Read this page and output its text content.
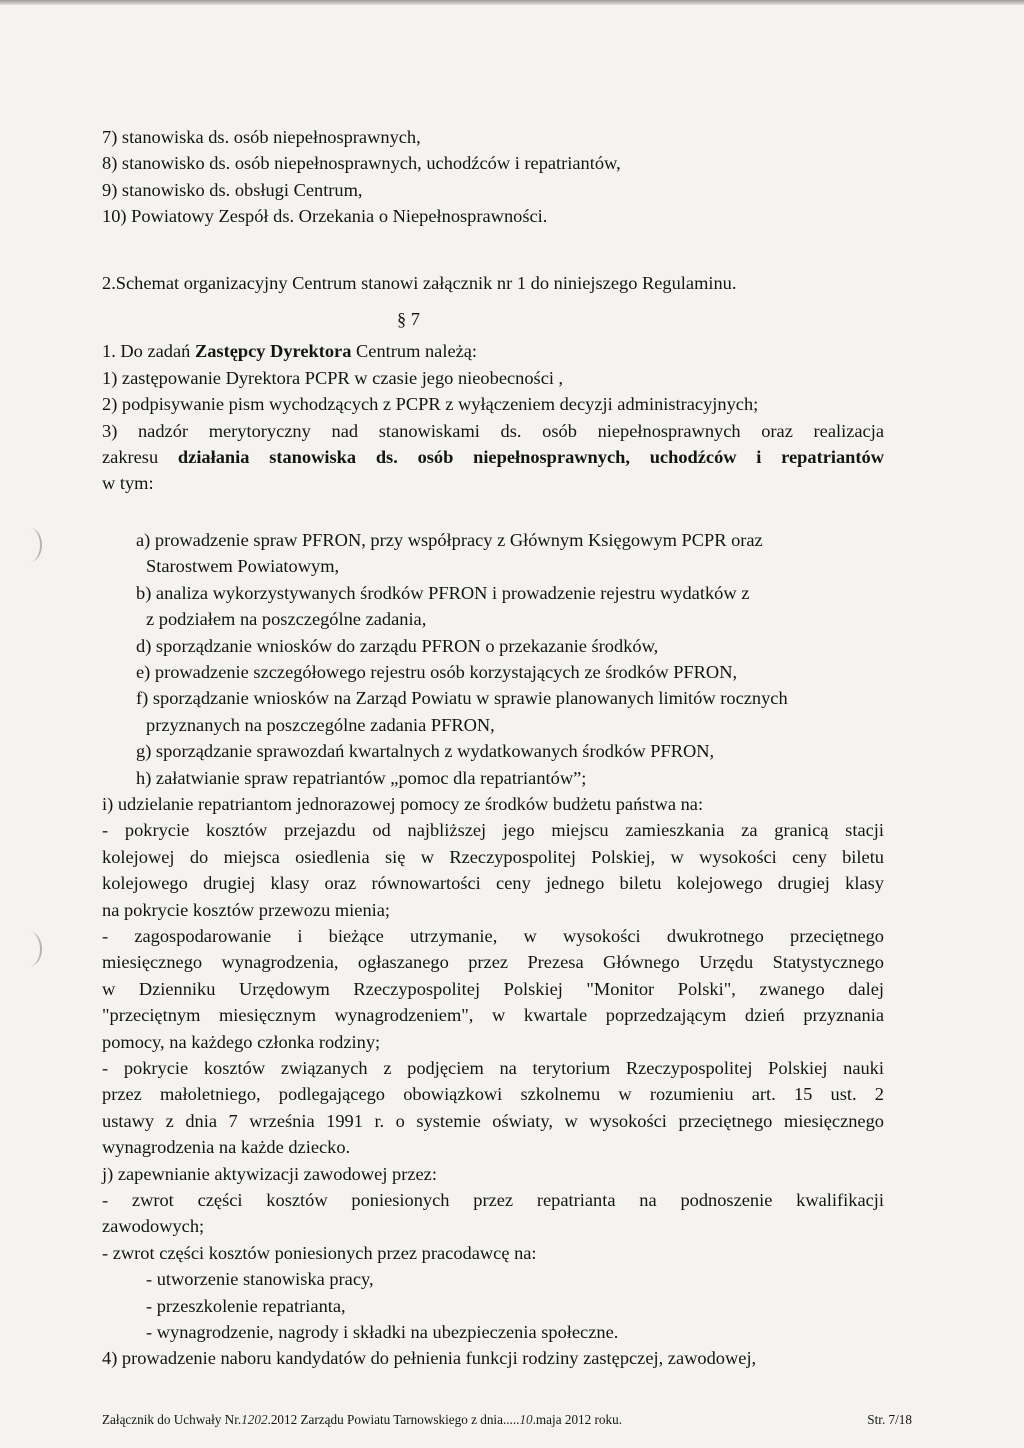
7) stanowiska ds. osób niepełnosprawnych,
8) stanowisko ds. osób niepełnosprawnych, uchodźców i repatriantów,
9) stanowisko ds. obsługi Centrum,
10) Powiatowy Zespół ds. Orzekania o Niepełnosprawności.
2.Schemat organizacyjny Centrum stanowi załącznik nr 1 do niniejszego Regulaminu.
§ 7
1. Do zadań Zastępcy Dyrektora Centrum należą:
1) zastępowanie Dyrektora PCPR w czasie jego nieobecności ,
2) podpisywanie pism wychodzących z PCPR z wyłączeniem decyzji administracyjnych;
3) nadzór merytoryczny nad stanowiskami ds. osób niepełnosprawnych oraz realizacja
zakresu działania stanowiska ds. osób niepełnosprawnych, uchodźców i repatriantów
w tym:
a) prowadzenie spraw PFRON, przy współpracy z Głównym Księgowym PCPR oraz
Starostwem Powiatowym,
b) analiza wykorzystywanych środków PFRON i prowadzenie rejestru wydatków z
z podziałem na poszczególne zadania,
d) sporządzanie wniosków do zarządu PFRON o przekazanie środków,
e) prowadzenie szczegółowego rejestru osób korzystających ze środków PFRON,
f) sporządzanie wniosków na Zarząd Powiatu w sprawie planowanych limitów rocznych
przyznanych na poszczególne zadania PFRON,
g) sporządzanie sprawozdań kwartalnych z wydatkowanych środków PFRON,
h) załatwianie spraw repatriantów „pomoc dla repatriantów”;
i) udzielanie repatriantom jednorazowej pomocy ze środków budżetu państwa na:
- pokrycie kosztów przejazdu od najbliższej jego miejscu zamieszkania za granicą stacji
kolejowej do miejsca osiedlenia się w Rzeczypospolitej Polskiej, w wysokości ceny biletu
kolejowego drugiej klasy oraz równowartości ceny jednego biletu kolejowego drugiej klasy
na pokrycie kosztów przewozu mienia;
- zagospodarowanie i bieżące utrzymanie, w wysokości dwukrotnego przeciętnego
miesięcznego wynagrodzenia, ogłaszanego przez Prezesa Głównego Urzędu Statystycznego
w Dzienniku Urzędowym Rzeczypospolitej Polskiej "Monitor Polski", zwanego dalej
"przeciętnym miesięcznym wynagrodzeniem", w kwartale poprzedzającym dzień przyznania
pomocy, na każdego członka rodziny;
- pokrycie kosztów związanych z podjęciem na terytorium Rzeczypospolitej Polskiej nauki
przez małoletniego, podlegającego obowiązkowi szkolnemu w rozumieniu art. 15 ust. 2
ustawy z dnia 7 września 1991 r. o systemie oświaty, w wysokości przeciętnego miesięcznego
wynagrodzenia na każde dziecko.
j) zapewnianie aktywizacji zawodowej przez:
- zwrot części kosztów poniesionych przez repatrianta na podnoszenie kwalifikacji
zawodowych;
- zwrot części kosztów poniesionych przez pracodawcę na:
- utworzenie stanowiska pracy,
- przeszkolenie repatrianta,
- wynagrodzenie, nagrody i składki na ubezpieczenia społeczne.
4) prowadzenie naboru kandydatów do pełnienia funkcji rodziny zastępczej, zawodowej,
Załącznik do Uchwały Nr.1202.2012 Zarządu Powiatu Tarnowskiego z dnia.....10.maja 2012 roku.	Str. 7/18
